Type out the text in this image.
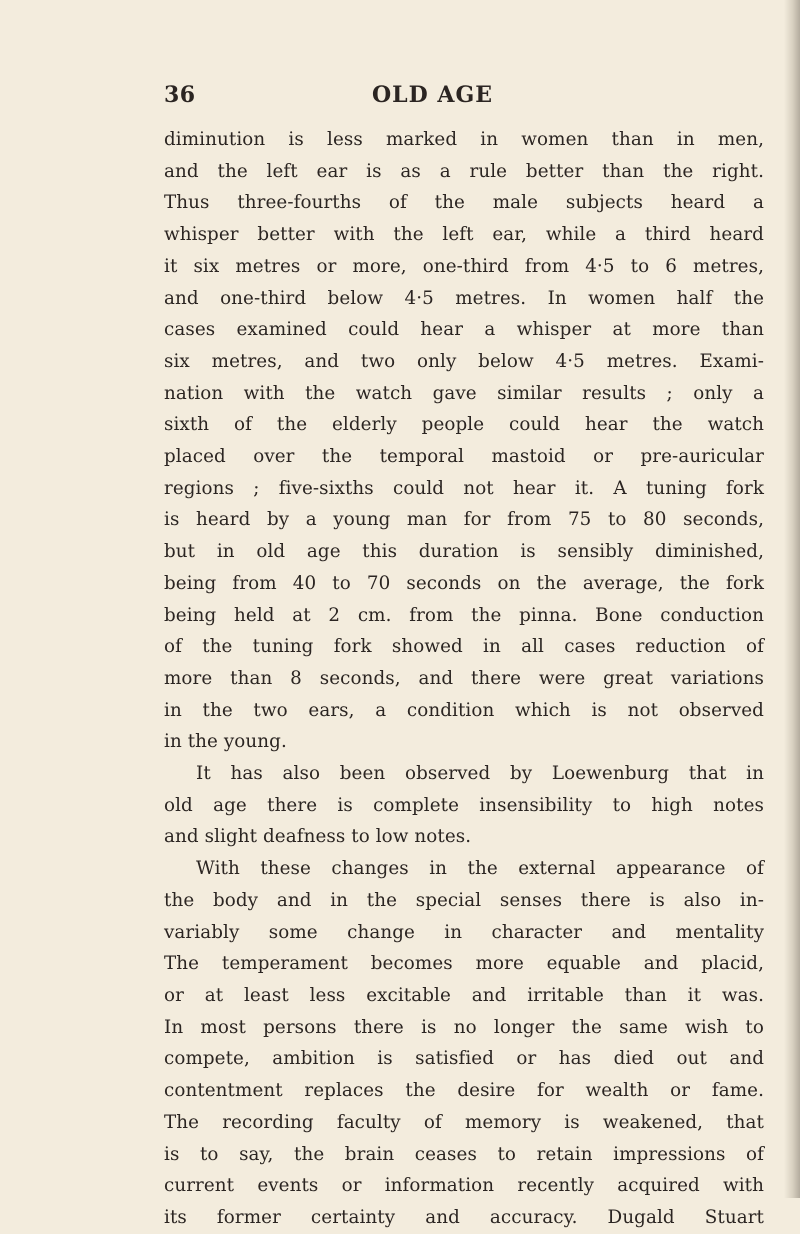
36	OLD AGE

diminution is less marked in women than in men,

and the left ear is as a rule better than the right.

Thus three-fourths of the male subjects heard a

whisper better with the left ear, while a third heard

it six metres or more, one-third from 4·5 to 6 metres,

and one-third below 4·5 metres. In women half the

cases examined could hear a whisper at more than

six metres, and two only below 4·5 metres. Exami-

nation with the watch gave similar results ; only a

sixth of the elderly people could hear the watch

placed over the temporal mastoid or pre-auricular

regions ; five-sixths could not hear it. A tuning fork

is heard by a young man for from 75 to 80 seconds,

but in old age this duration is sensibly diminished,

being from 40 to 70 seconds on the average, the fork

being held at 2 cm. from the pinna. Bone conduction

of the tuning fork showed in all cases reduction of

more than 8 seconds, and there were great variations

in the two ears, a condition which is not observed

in the young.

It has also been observed by Loewenburg that in

old age there is complete insensibility to high notes

and slight deafness to low notes.

With these changes in the external appearance of

the body and in the special senses there is also in-

variably some change in character and mentality

The temperament becomes more equable and placid,

or at least less excitable and irritable than it was.

In most persons there is no longer the same wish to

compete, ambition is satisfied or has died out and

contentment replaces the desire for wealth or fame.

The recording faculty of memory is weakened, that

is to say, the brain ceases to retain impressions of

current events or information recently acquired with

its former certainty and accuracy. Dugald Stuart
